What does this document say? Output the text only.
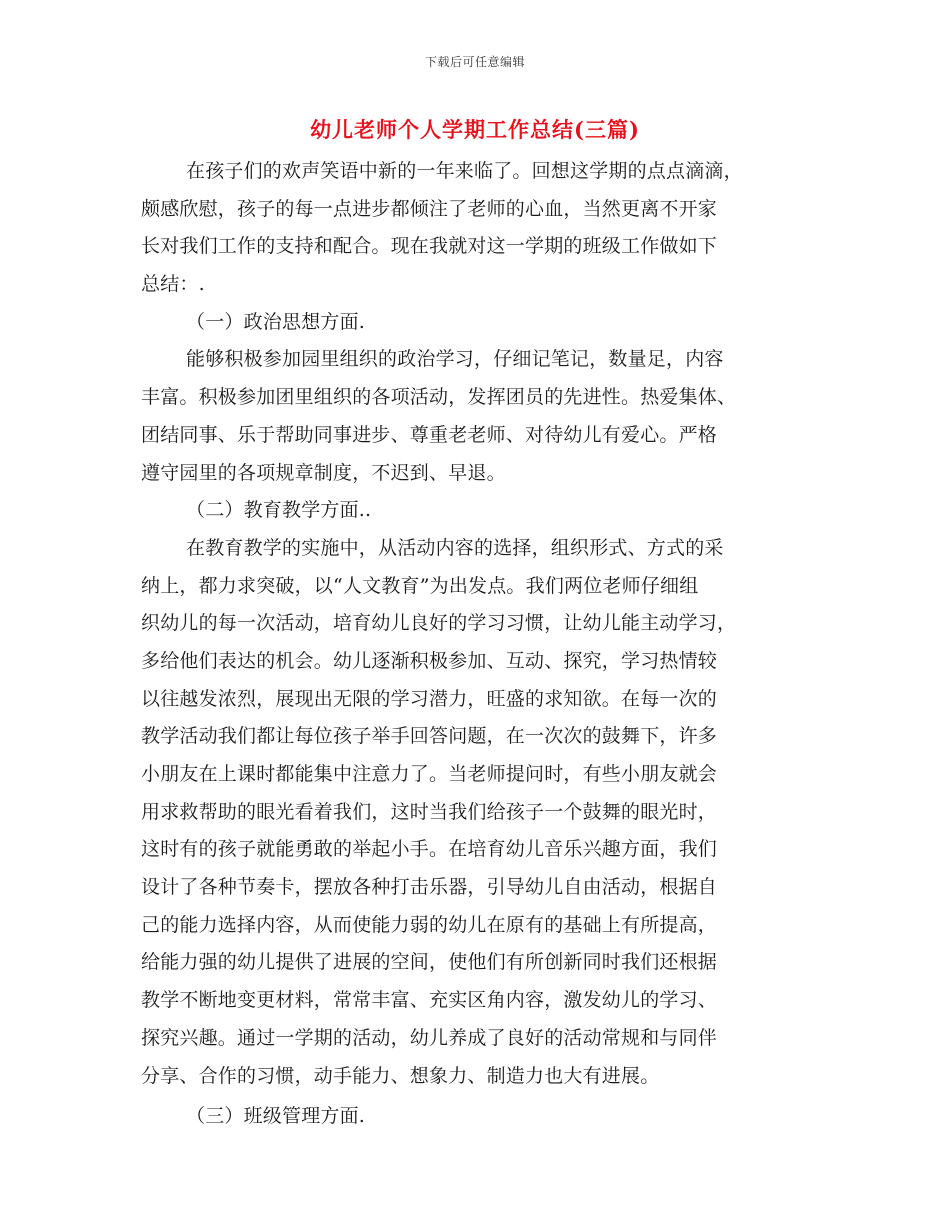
下载后可任意编辑
幼儿老师个人学期工作总结(三篇)
在孩子们的欢声笑语中新的一年来临了。回想这学期的点点滴滴，
颇感欣慰，孩子的每一点进步都倾注了老师的心血，当然更离不开家
长对我们工作的支持和配合。现在我就对这一学期的班级工作做如下
总结：.
（一）政治思想方面.
能够积极参加园里组织的政治学习，仔细记笔记，数量足，内容
丰富。积极参加团里组织的各项活动，发挥团员的先进性。热爱集体、
团结同事、乐于帮助同事进步、尊重老老师、对待幼儿有爱心。严格
遵守园里的各项规章制度，不迟到、早退。
（二）教育教学方面..
在教育教学的实施中，从活动内容的选择，组织形式、方式的采
纳上，都力求突破，以“人文教育”为出发点。我们两位老师仔细组
织幼儿的每一次活动，培育幼儿良好的学习习惯，让幼儿能主动学习，
多给他们表达的机会。幼儿逐渐积极参加、互动、探究，学习热情较
以往越发浓烈，展现出无限的学习潜力，旺盛的求知欲。在每一次的
教学活动我们都让每位孩子举手回答问题，在一次次的鼓舞下，许多
小朋友在上课时都能集中注意力了。当老师提问时，有些小朋友就会
用求救帮助的眼光看着我们，这时当我们给孩子一个鼓舞的眼光时，
这时有的孩子就能勇敢的举起小手。在培育幼儿音乐兴趣方面，我们
设计了各种节奏卡，摆放各种打击乐器，引导幼儿自由活动，根据自
己的能力选择内容，从而使能力弱的幼儿在原有的基础上有所提高，
给能力强的幼儿提供了进展的空间，使他们有所创新同时我们还根据
教学不断地变更材料，常常丰富、充实区角内容，激发幼儿的学习、
探究兴趣。通过一学期的活动，幼儿养成了良好的活动常规和与同伴
分享、合作的习惯，动手能力、想象力、制造力也大有进展。
（三）班级管理方面.
